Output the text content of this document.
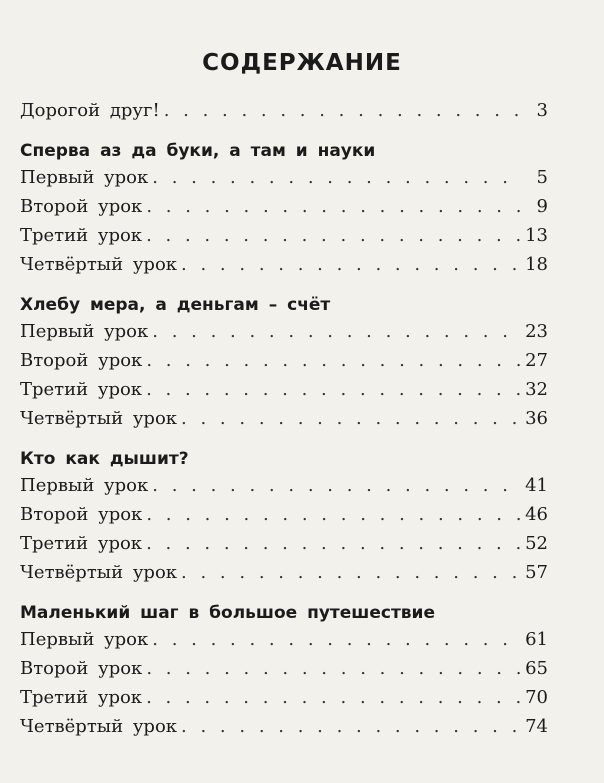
СОДЕРЖАНИЕ
Дорогой друг! . . .	3
Сперва аз да буки, а там и науки
Первый урок . . .	5
Второй урок . . .	9
Третий урок . . .	13
Четвёртый урок . . .	18
Хлебу мера, а деньгам – счёт
Первый урок . . .	23
Второй урок . . .	27
Третий урок . . .	32
Четвёртый урок . . .	36
Кто как дышит?
Первый урок . . .	41
Второй урок . . .	46
Третий урок . . .	52
Четвёртый урок . . .	57
Маленький шаг в большое путешествие
Первый урок . . .	61
Второй урок . . .	65
Третий урок . . .	70
Четвёртый урок . . .	74
